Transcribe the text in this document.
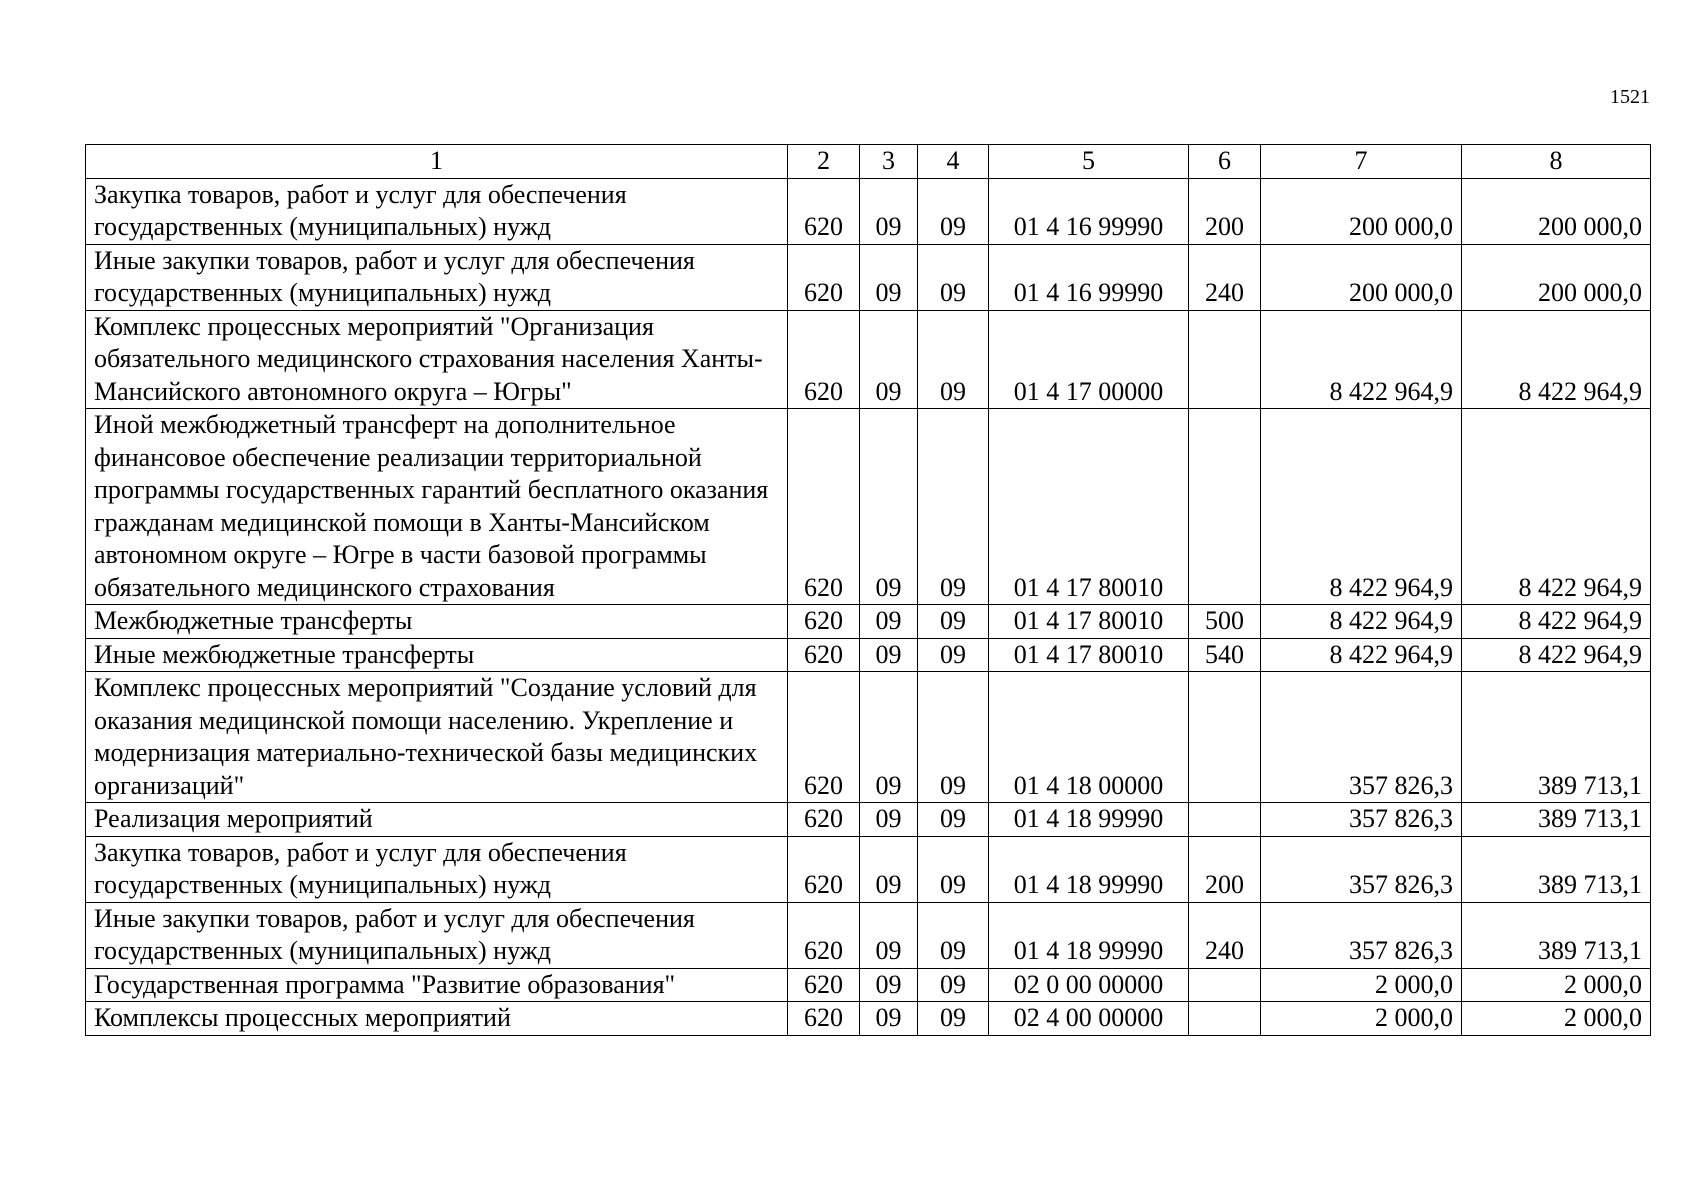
1521
1	2	3	4	5	6	7	8
Закупка товаров, работ и услуг для обеспечения государственных (муниципальных) нужд	620	09	09	01 4 16 99990	200	200 000,0	200 000,0
Иные закупки товаров, работ и услуг для обеспечения государственных (муниципальных) нужд	620	09	09	01 4 16 99990	240	200 000,0	200 000,0
Комплекс процессных мероприятий "Организация обязательного медицинского страхования населения Ханты-Мансийского автономного округа – Югры"	620	09	09	01 4 17 00000		8 422 964,9	8 422 964,9
Иной межбюджетный трансферт на дополнительное финансовое обеспечение реализации территориальной программы государственных гарантий бесплатного оказания гражданам медицинской помощи в Ханты-Мансийском автономном округе – Югре в части базовой программы обязательного медицинского страхования	620	09	09	01 4 17 80010		8 422 964,9	8 422 964,9
Межбюджетные трансферты	620	09	09	01 4 17 80010	500	8 422 964,9	8 422 964,9
Иные межбюджетные трансферты	620	09	09	01 4 17 80010	540	8 422 964,9	8 422 964,9
Комплекс процессных мероприятий "Создание условий для оказания медицинской помощи населению. Укрепление и модернизация материально-технической базы медицинских организаций"	620	09	09	01 4 18 00000		357 826,3	389 713,1
Реализация мероприятий	620	09	09	01 4 18 99990		357 826,3	389 713,1
Закупка товаров, работ и услуг для обеспечения государственных (муниципальных) нужд	620	09	09	01 4 18 99990	200	357 826,3	389 713,1
Иные закупки товаров, работ и услуг для обеспечения государственных (муниципальных) нужд	620	09	09	01 4 18 99990	240	357 826,3	389 713,1
Государственная программа "Развитие образования"	620	09	09	02 0 00 00000		2 000,0	2 000,0
Комплексы процессных мероприятий	620	09	09	02 4 00 00000		2 000,0	2 000,0
